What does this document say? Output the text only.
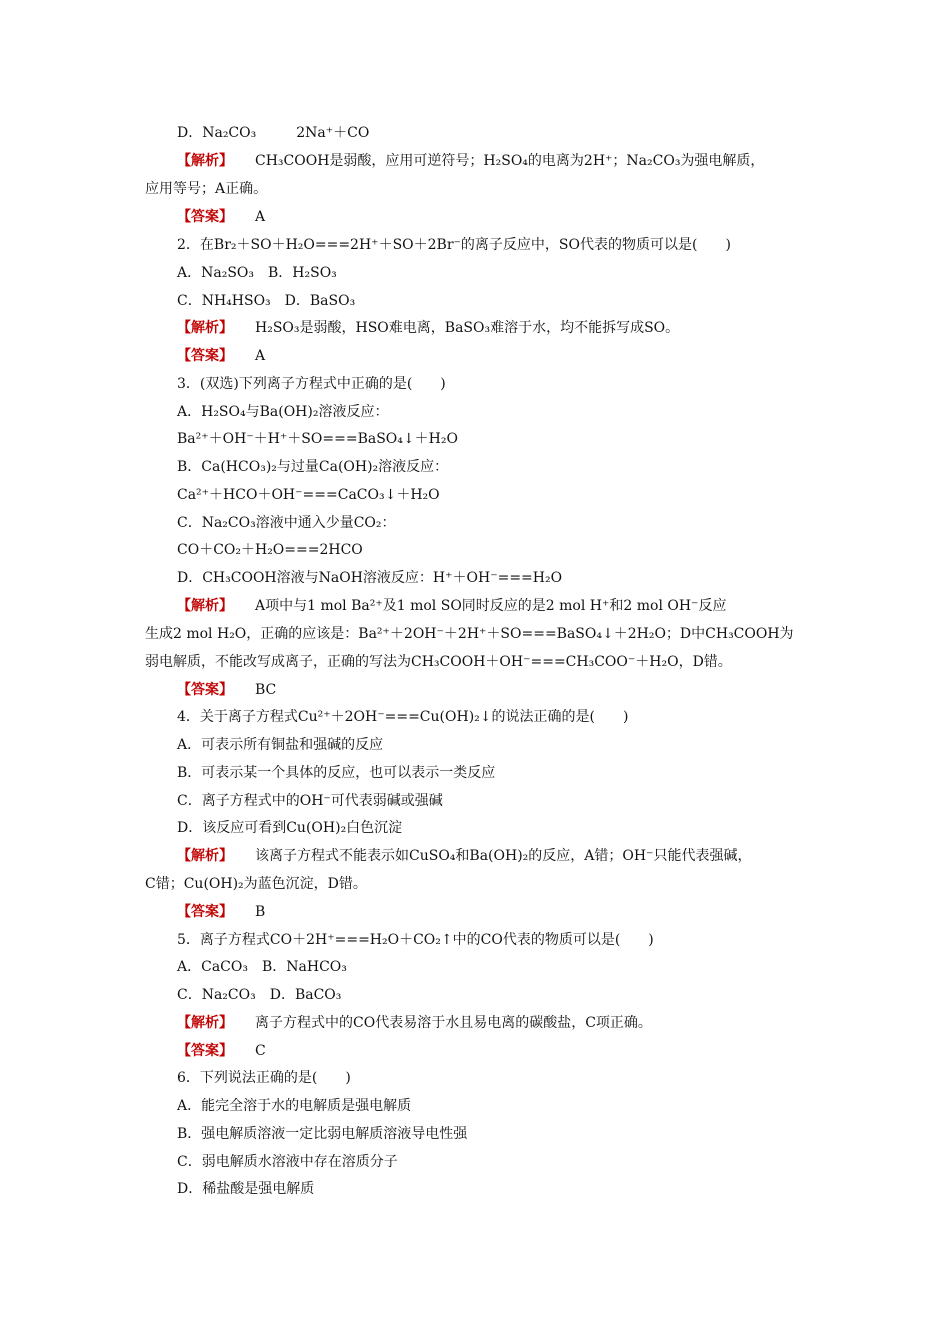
D．Na₂CO₃	2Na⁺＋CO
【解析】 CH₃COOH是弱酸，应用可逆符号；H₂SO₄的电离为2H⁺；Na₂CO₃为强电解质，
应用等号；A正确。
【答案】 A
2．在Br₂＋SO＋H₂O===2H⁺＋SO＋2Br⁻的离子反应中，SO代表的物质可以是(　　)
A．Na₂SO₃　B．H₂SO₃
C．NH₄HSO₃　D．BaSO₃
【解析】 H₂SO₃是弱酸，HSO难电离，BaSO₃难溶于水，均不能拆写成SO。
【答案】 A
3．(双选)下列离子方程式中正确的是(　　)
A．H₂SO₄与Ba(OH)₂溶液反应：
Ba²⁺＋OH⁻＋H⁺＋SO===BaSO₄↓＋H₂O
B．Ca(HCO₃)₂与过量Ca(OH)₂溶液反应：
Ca²⁺＋HCO＋OH⁻===CaCO₃↓＋H₂O
C．Na₂CO₃溶液中通入少量CO₂：
CO＋CO₂＋H₂O===2HCO
D．CH₃COOH溶液与NaOH溶液反应：H⁺＋OH⁻===H₂O
【解析】 A项中与1 mol Ba²⁺及1 mol SO同时反应的是2 mol H⁺和2 mol OH⁻反应
生成2 mol H₂O，正确的应该是：Ba²⁺＋2OH⁻＋2H⁺＋SO===BaSO₄↓＋2H₂O；D中CH₃COOH为
弱电解质，不能改写成离子，正确的写法为CH₃COOH＋OH⁻===CH₃COO⁻＋H₂O，D错。
【答案】 BC
4．关于离子方程式Cu²⁺＋2OH⁻===Cu(OH)₂↓的说法正确的是(　　)
A．可表示所有铜盐和强碱的反应
B．可表示某一个具体的反应，也可以表示一类反应
C．离子方程式中的OH⁻可代表弱碱或强碱
D．该反应可看到Cu(OH)₂白色沉淀
【解析】 该离子方程式不能表示如CuSO₄和Ba(OH)₂的反应，A错；OH⁻只能代表强碱，
C错；Cu(OH)₂为蓝色沉淀，D错。
【答案】 B
5．离子方程式CO＋2H⁺===H₂O＋CO₂↑中的CO代表的物质可以是(　　)
A．CaCO₃　B．NaHCO₃
C．Na₂CO₃　D．BaCO₃
【解析】 离子方程式中的CO代表易溶于水且易电离的碳酸盐，C项正确。
【答案】 C
6．下列说法正确的是(　　)
A．能完全溶于水的电解质是强电解质
B．强电解质溶液一定比弱电解质溶液导电性强
C．弱电解质水溶液中存在溶质分子
D．稀盐酸是强电解质
